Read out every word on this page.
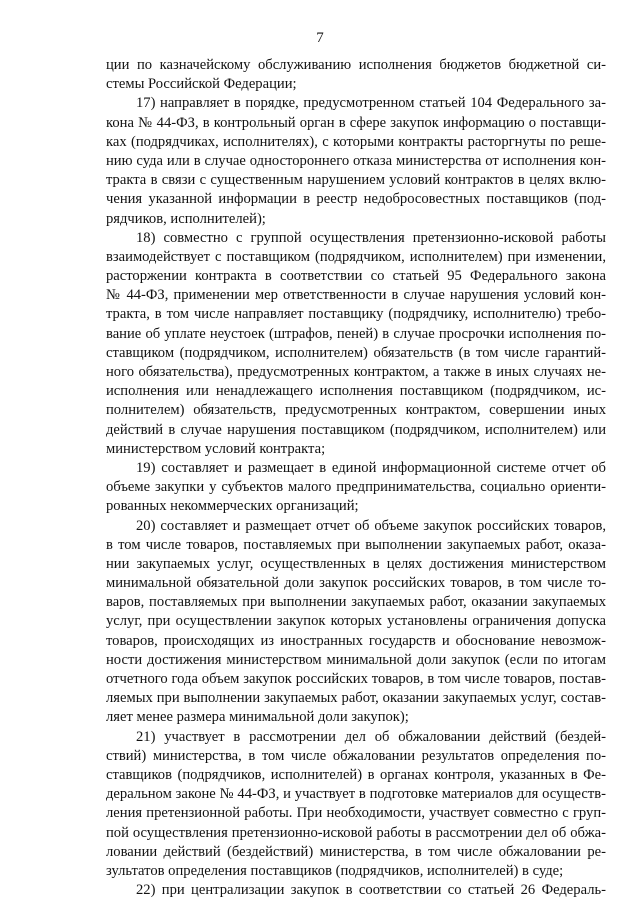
7
ции по казначейскому обслуживанию исполнения бюджетов бюджетной си-
стемы Российской Федерации;
17) направляет в порядке, предусмотренном статьей 104 Федерального за-
кона № 44-ФЗ, в контрольный орган в сфере закупок информацию о поставщи-
ках (подрядчиках, исполнителях), с которыми контракты расторгнуты по реше-
нию суда или в случае одностороннего отказа министерства от исполнения кон-
тракта в связи с существенным нарушением условий контрактов в целях вклю-
чения указанной информации в реестр недобросовестных поставщиков (под-
рядчиков, исполнителей);
18) совместно с группой осуществления претензионно-исковой работы
взаимодействует с поставщиком (подрядчиком, исполнителем) при изменении,
расторжении контракта в соответствии со статьей 95 Федерального закона
№ 44-ФЗ, применении мер ответственности в случае нарушения условий кон-
тракта, в том числе направляет поставщику (подрядчику, исполнителю) требо-
вание об уплате неустоек (штрафов, пеней) в случае просрочки исполнения по-
ставщиком (подрядчиком, исполнителем) обязательств (в том числе гарантий-
ного обязательства), предусмотренных контрактом, а также в иных случаях не-
исполнения или ненадлежащего исполнения поставщиком (подрядчиком, ис-
полнителем) обязательств, предусмотренных контрактом, совершении иных
действий в случае нарушения поставщиком (подрядчиком, исполнителем) или
министерством условий контракта;
19) составляет и размещает в единой информационной системе отчет об
объеме закупки у субъектов малого предпринимательства, социально ориенти-
рованных некоммерческих организаций;
20) составляет и размещает отчет об объеме закупок российских товаров,
в том числе товаров, поставляемых при выполнении закупаемых работ, оказа-
нии закупаемых услуг, осуществленных в целях достижения министерством
минимальной обязательной доли закупок российских товаров, в том числе то-
варов, поставляемых при выполнении закупаемых работ, оказании закупаемых
услуг, при осуществлении закупок которых установлены ограничения допуска
товаров, происходящих из иностранных государств и обоснование невозмож-
ности достижения министерством минимальной доли закупок (если по итогам
отчетного года объем закупок российских товаров, в том числе товаров, постав-
ляемых при выполнении закупаемых работ, оказании закупаемых услуг, состав-
ляет менее размера минимальной доли закупок);
21) участвует в рассмотрении дел об обжаловании действий (бездей-
ствий) министерства, в том числе обжаловании результатов определения по-
ставщиков (подрядчиков, исполнителей) в органах контроля, указанных в Фе-
деральном законе № 44-ФЗ, и участвует в подготовке материалов для осуществ-
ления претензионной работы. При необходимости, участвует совместно с груп-
пой осуществления претензионно-исковой работы в рассмотрении дел об обжа-
ловании действий (бездействий) министерства, в том числе обжаловании ре-
зультатов определения поставщиков (подрядчиков, исполнителей) в суде;
22) при централизации закупок в соответствии со статьей 26 Федераль-
